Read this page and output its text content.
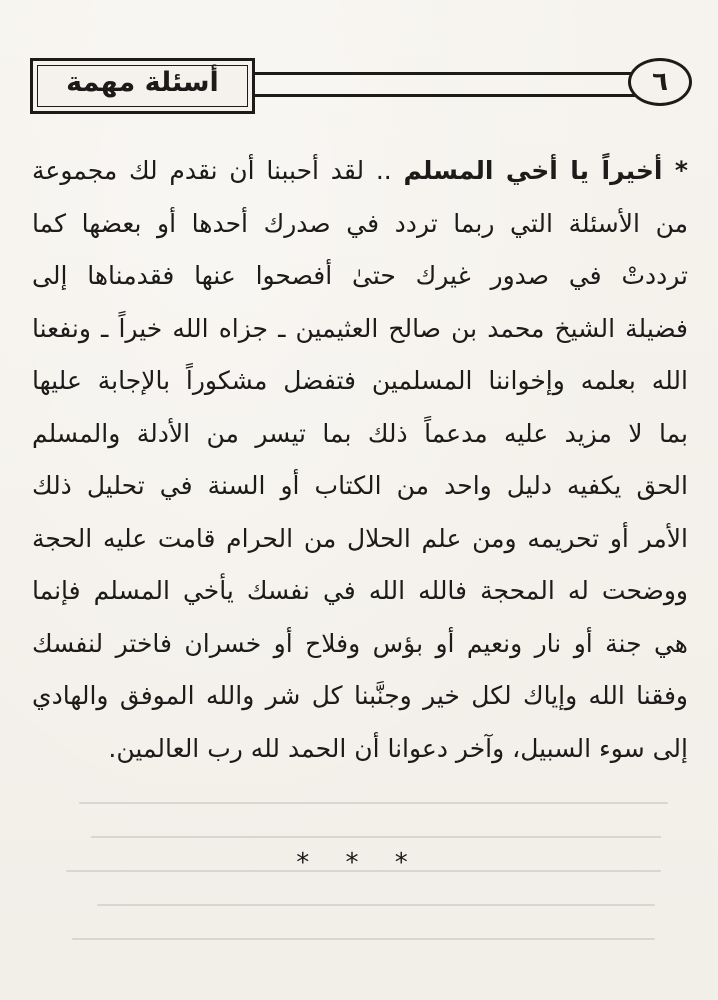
أسئلة مهمة	٦
* أخيراً يا أخي المسلم .. لقد أحببنا أن نقدم لك مجموعة
من الأسئلة التي ربما تردد في صدرك أحدها أو بعضها كما
ترددتْ في صدور غيرك حتىٰ أفصحوا عنها فقدمناها إلى
فضيلة الشيخ محمد بن صالح العثيمين ـ جزاه الله خيراً ـ ونفعنا
الله بعلمه وإخواننا المسلمين فتفضل مشكوراً بالإجابة عليها
بما لا مزيد عليه مدعماً ذلك بما تيسر من الأدلة والمسلم
الحق يكفيه دليل واحد من الكتاب أو السنة في تحليل ذلك
الأمر أو تحريمه ومن علم الحلال من الحرام قامت عليه الحجة
ووضحت له المحجة فالله الله في نفسك يأخي المسلم فإنما
هي جنة أو نار ونعيم أو بؤس وفلاح أو خسران فاختر لنفسك
وفقنا الله وإياك لكل خير وجنَّبنا كل شر والله الموفق والهادي
إلى سوء السبيل، وآخر دعوانا أن الحمد لله رب العالمين.
* * *
